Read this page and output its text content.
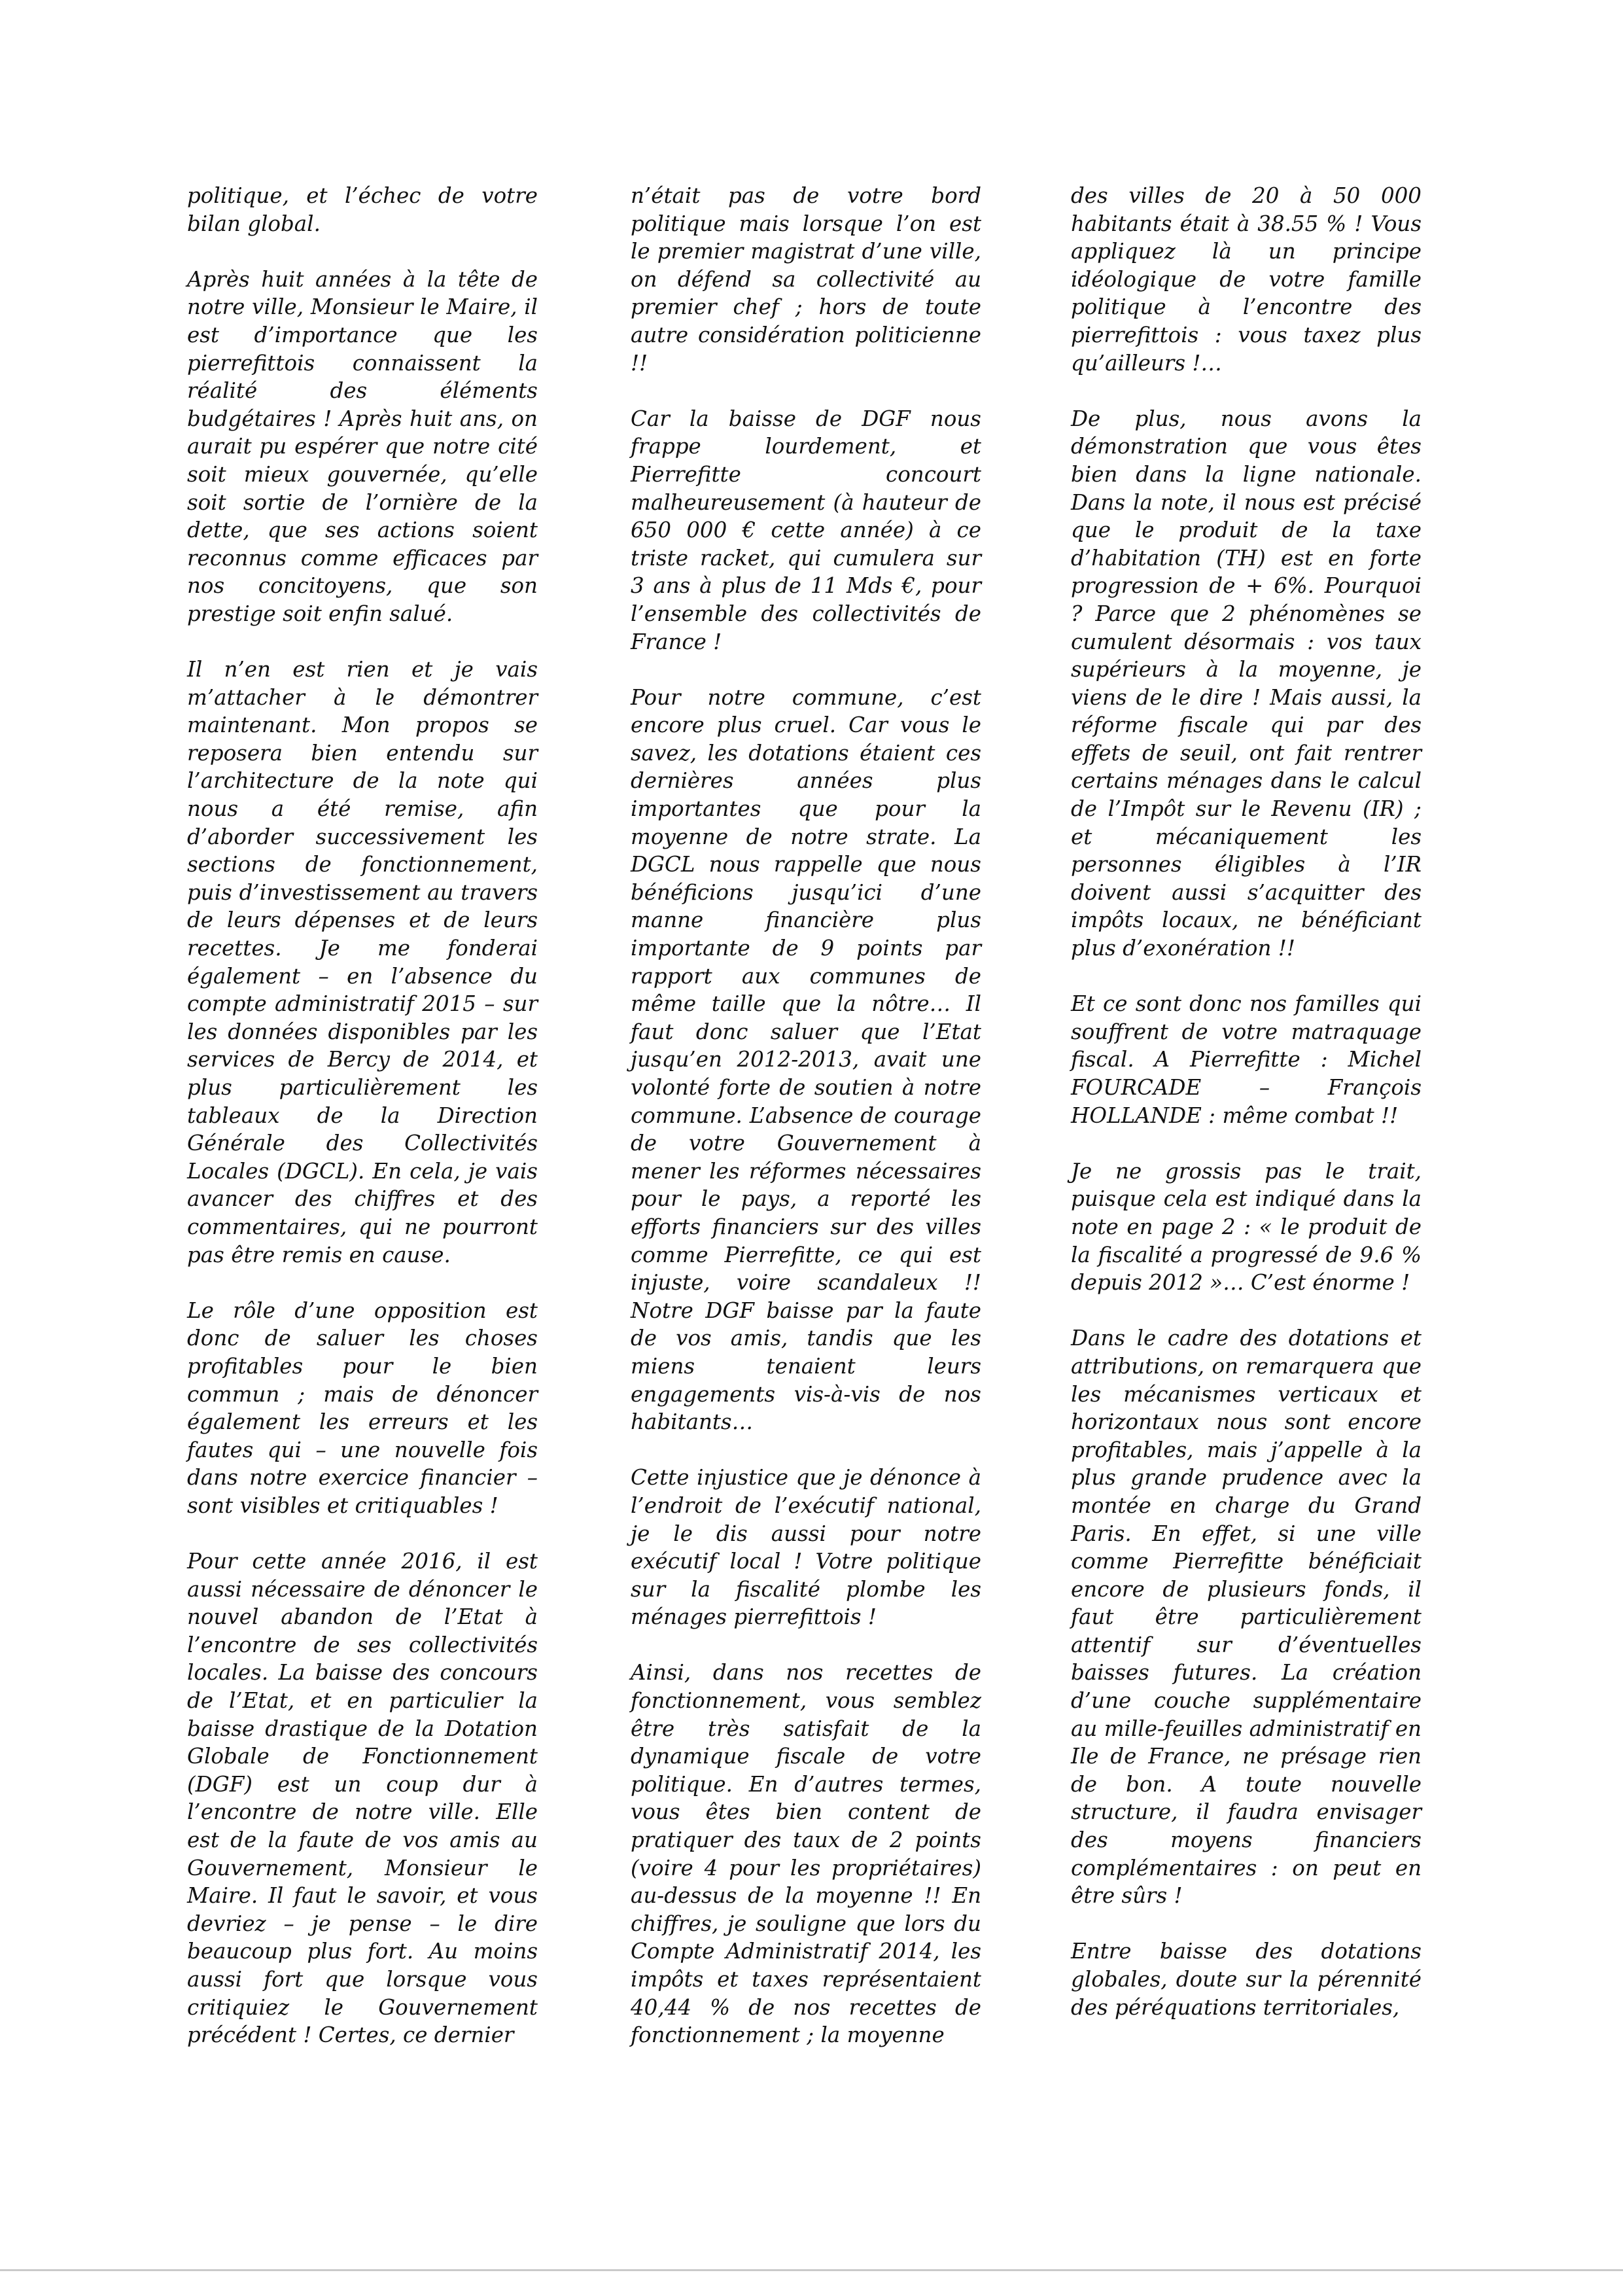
politique, et l’échec de votre bilan global.

Après huit années à la tête de notre ville, Monsieur le Maire, il est d’importance que les pierrefittois connaissent la réalité des éléments budgétaires ! Après huit ans, on aurait pu espérer que notre cité soit mieux gouvernée, qu’elle soit sortie de l’ornière de la dette, que ses actions soient reconnus comme efficaces par nos concitoyens, que son prestige soit enfin salué.

Il n’en est rien et je vais m’attacher à le démontrer maintenant. Mon propos se reposera bien entendu sur l’architecture de la note qui nous a été remise, afin d’aborder successivement les sections de fonctionnement, puis d’investissement au travers de leurs dépenses et de leurs recettes. Je me fonderai également – en l’absence du compte administratif 2015 – sur les données disponibles par les services de Bercy de 2014, et plus particulièrement les tableaux de la Direction Générale des Collectivités Locales (DGCL). En cela, je vais avancer des chiffres et des commentaires, qui ne pourront pas être remis en cause.

Le rôle d’une opposition est donc de saluer les choses profitables pour le bien commun ; mais de dénoncer également les erreurs et les fautes qui – une nouvelle fois dans notre exercice financier – sont visibles et critiquables !

Pour cette année 2016, il est aussi nécessaire de dénoncer le nouvel abandon de l’Etat à l’encontre de ses collectivités locales. La baisse des concours de l’Etat, et en particulier la baisse drastique de la Dotation Globale de Fonctionnement (DGF) est un coup dur à l’encontre de notre ville. Elle est de la faute de vos amis au Gouvernement, Monsieur le Maire. Il faut le savoir, et vous devriez – je pense – le dire beaucoup plus fort. Au moins aussi fort que lorsque vous critiquiez le Gouvernement précédent ! Certes, ce dernier

n’était pas de votre bord politique mais lorsque l’on est le premier magistrat d’une ville, on défend sa collectivité au premier chef ; hors de toute autre considération politicienne !!

Car la baisse de DGF nous frappe lourdement, et Pierrefitte concourt malheureusement (à hauteur de 650 000 € cette année) à ce triste racket, qui cumulera sur 3 ans à plus de 11 Mds €, pour l’ensemble des collectivités de France !

Pour notre commune, c’est encore plus cruel. Car vous le savez, les dotations étaient ces dernières années plus importantes que pour la moyenne de notre strate. La DGCL nous rappelle que nous bénéficions jusqu’ici d’une manne financière plus importante de 9 points par rapport aux communes de même taille que la nôtre… Il faut donc saluer que l’Etat jusqu’en 2012-2013, avait une volonté forte de soutien à notre commune. L’absence de courage de votre Gouvernement à mener les réformes nécessaires pour le pays, a reporté les efforts financiers sur des villes comme Pierrefitte, ce qui est injuste, voire scandaleux !! Notre DGF baisse par la faute de vos amis, tandis que les miens tenaient leurs engagements vis-à-vis de nos habitants…

Cette injustice que je dénonce à l’endroit de l’exécutif national, je le dis aussi pour notre exécutif local ! Votre politique sur la fiscalité plombe les ménages pierrefittois !

Ainsi, dans nos recettes de fonctionnement, vous semblez être très satisfait de la dynamique fiscale de votre politique. En d’autres termes, vous êtes bien content de pratiquer des taux de 2 points (voire 4 pour les propriétaires) au-dessus de la moyenne !! En chiffres, je souligne que lors du Compte Administratif 2014, les impôts et taxes représentaient 40,44 % de nos recettes de fonctionnement ; la moyenne

des villes de 20 à 50 000 habitants était à 38.55 % ! Vous appliquez là un principe idéologique de votre famille politique à l’encontre des pierrefittois : vous taxez plus qu’ailleurs !…

De plus, nous avons la démonstration que vous êtes bien dans la ligne nationale. Dans la note, il nous est précisé que le produit de la taxe d’habitation (TH) est en forte progression de + 6%. Pourquoi ? Parce que 2 phénomènes se cumulent désormais : vos taux supérieurs à la moyenne, je viens de le dire ! Mais aussi, la réforme fiscale qui par des effets de seuil, ont fait rentrer certains ménages dans le calcul de l’Impôt sur le Revenu (IR) ; et mécaniquement les personnes éligibles à l’IR doivent aussi s’acquitter des impôts locaux, ne bénéficiant plus d’exonération !!

Et ce sont donc nos familles qui souffrent de votre matraquage fiscal. A Pierrefitte : Michel FOURCADE – François HOLLANDE : même combat !!

Je ne grossis pas le trait, puisque cela est indiqué dans la note en page 2 : « le produit de la fiscalité a progressé de 9.6 % depuis 2012 »… C’est énorme !

Dans le cadre des dotations et attributions, on remarquera que les mécanismes verticaux et horizontaux nous sont encore profitables, mais j’appelle à la plus grande prudence avec la montée en charge du Grand Paris. En effet, si une ville comme Pierrefitte bénéficiait encore de plusieurs fonds, il faut être particulièrement attentif sur d’éventuelles baisses futures. La création d’une couche supplémentaire au mille-feuilles administratif en Ile de France, ne présage rien de bon. A toute nouvelle structure, il faudra envisager des moyens financiers complémentaires : on peut en être sûrs !

Entre baisse des dotations globales, doute sur la pérennité des péréquations territoriales,
